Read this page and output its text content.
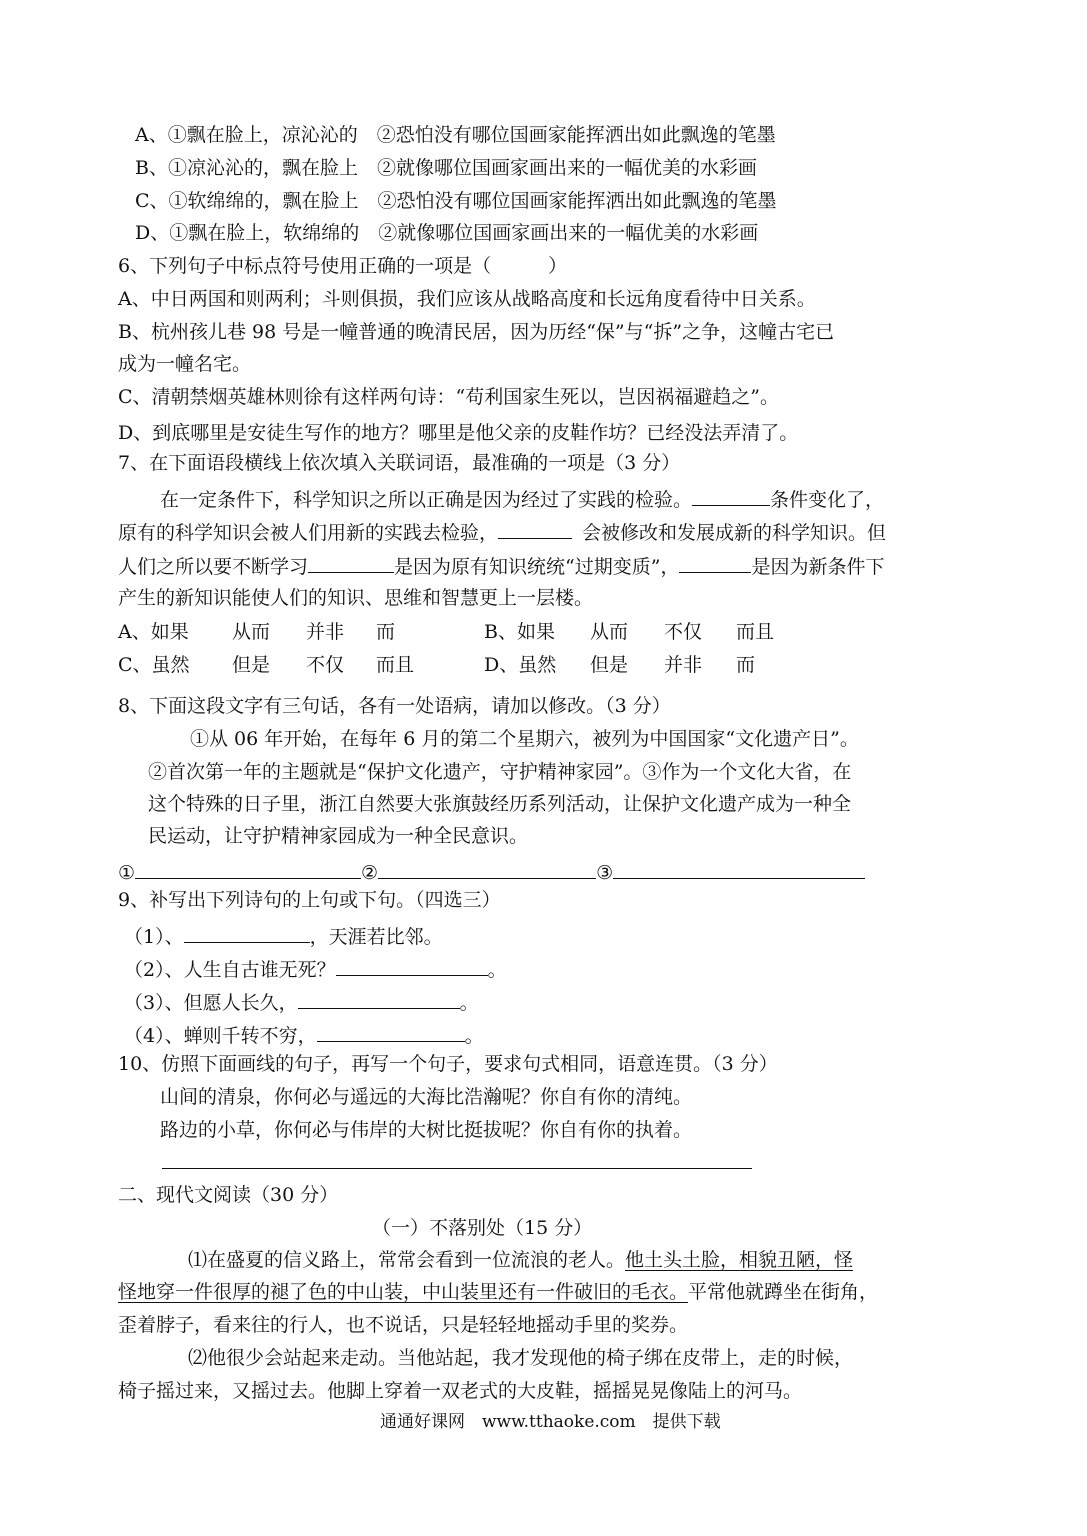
A、①飘在脸上，凉沁沁的　②恐怕没有哪位国画家能挥洒出如此飘逸的笔墨
B、①凉沁沁的，飘在脸上　②就像哪位国画家画出来的一幅优美的水彩画
C、①软绵绵的，飘在脸上　②恐怕没有哪位国画家能挥洒出如此飘逸的笔墨
D、①飘在脸上，软绵绵的　②就像哪位国画家画出来的一幅优美的水彩画
6、下列句子中标点符号使用正确的一项是（　　　）
A、中日两国和则两利；斗则俱损，我们应该从战略高度和长远角度看待中日关系。
B、杭州孩儿巷 98 号是一幢普通的晚清民居，因为历经“保”与“拆”之争，这幢古宅已
成为一幢名宅。
C、清朝禁烟英雄林则徐有这样两句诗：“苟利国家生死以，岂因祸福避趋之”。
D、到底哪里是安徒生写作的地方？哪里是他父亲的皮鞋作坊？已经没法弄清了。
7、在下面语段横线上依次填入关联词语，最准确的一项是（3 分）
在一定条件下，科学知识之所以正确是因为经过了实践的检验。	条件变化了，
原有的科学知识会被人们用新的实践去检验，	会被修改和发展成新的科学知识。但
人们之所以要不断学习	是因为原有知识统统“过期变质”，	是因为新条件下
产生的新知识能使人们的知识、思维和智慧更上一层楼。
A、如果 从而 并非 而	B、如果 从而 不仅 而且
C、虽然 但是 不仅 而且	D、虽然 但是 并非 而
8、下面这段文字有三句话，各有一处语病，请加以修改。（3 分）
①从 06 年开始，在每年 6 月的第二个星期六，被列为中国国家“文化遗产日”。
②首次第一年的主题就是“保护文化遗产，守护精神家园”。③作为一个文化大省，在
这个特殊的日子里，浙江自然要大张旗鼓经历系列活动，让保护文化遗产成为一种全
民运动，让守护精神家园成为一种全民意识。
①	②	③
9、补写出下列诗句的上句或下句。（四选三）
（1）、	，天涯若比邻。
（2）、人生自古谁无死？	。
（3）、但愿人长久，	。
（4）、蝉则千转不穷，	。
10、仿照下面画线的句子，再写一个句子，要求句式相同，语意连贯。（3 分）
山间的清泉，你何必与遥远的大海比浩瀚呢？你自有你的清纯。
路边的小草，你何必与伟岸的大树比挺拔呢？你自有你的执着。
二、现代文阅读（30 分）
（一）不落别处（15 分）
⑴在盛夏的信义路上，常常会看到一位流浪的老人。他土头土脸，相貌丑陋，怪
怪地穿一件很厚的褪了色的中山装，中山装里还有一件破旧的毛衣。平常他就蹲坐在街角，
歪着脖子，看来往的行人，也不说话，只是轻轻地摇动手里的奖券。
⑵他很少会站起来走动。当他站起，我才发现他的椅子绑在皮带上，走的时候，
椅子摇过来，又摇过去。他脚上穿着一双老式的大皮鞋，摇摇晃晃像陆上的河马。
通通好课网　www.tthaoke.com　提供下载
